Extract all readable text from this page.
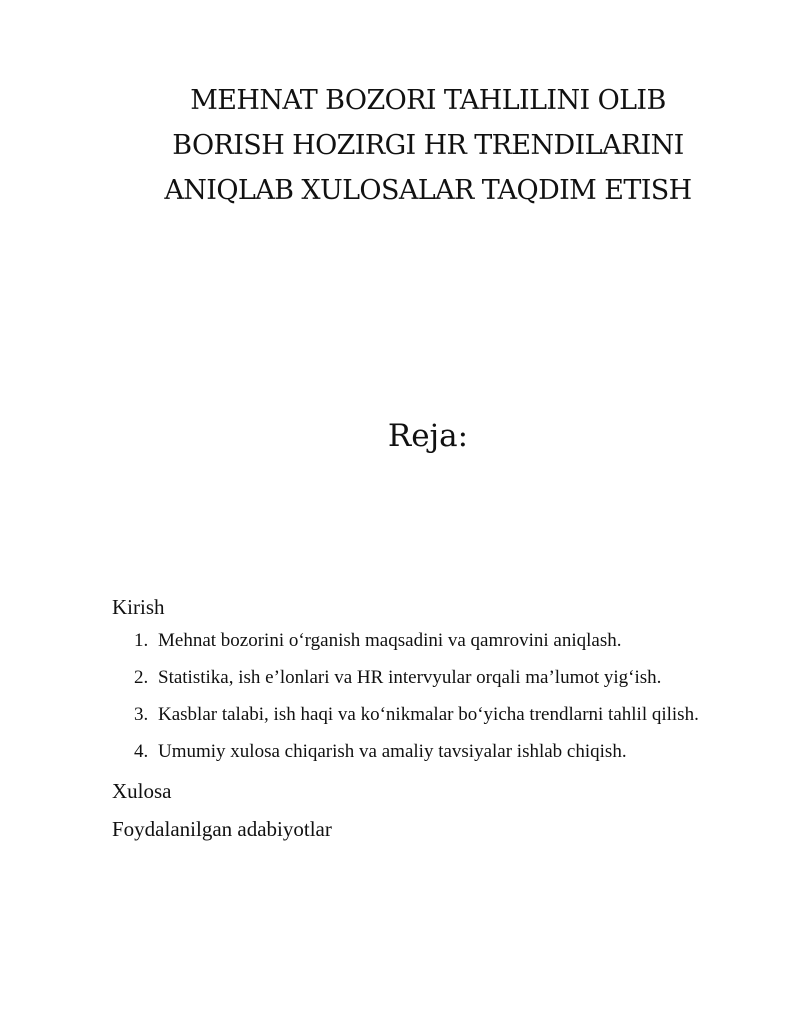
MEHNAT BOZORI TAHLILINI OLIB
BORISH HOZIRGI HR TRENDILARINI
ANIQLAB XULOSALAR TAQDIM ETISH
Reja:

Kirish

1. Mehnat bozorini o‘rganish maqsadini va qamrovini aniqlash.
2. Statistika, ish e’lonlari va HR intervyular orqali ma’lumot yig‘ish.
3. Kasblar talabi, ish haqi va ko‘nikmalar bo‘yicha trendlarni tahlil qilish.
4. Umumiy xulosa chiqarish va amaliy tavsiyalar ishlab chiqish.

Xulosa

Foydalanilgan adabiyotlar
